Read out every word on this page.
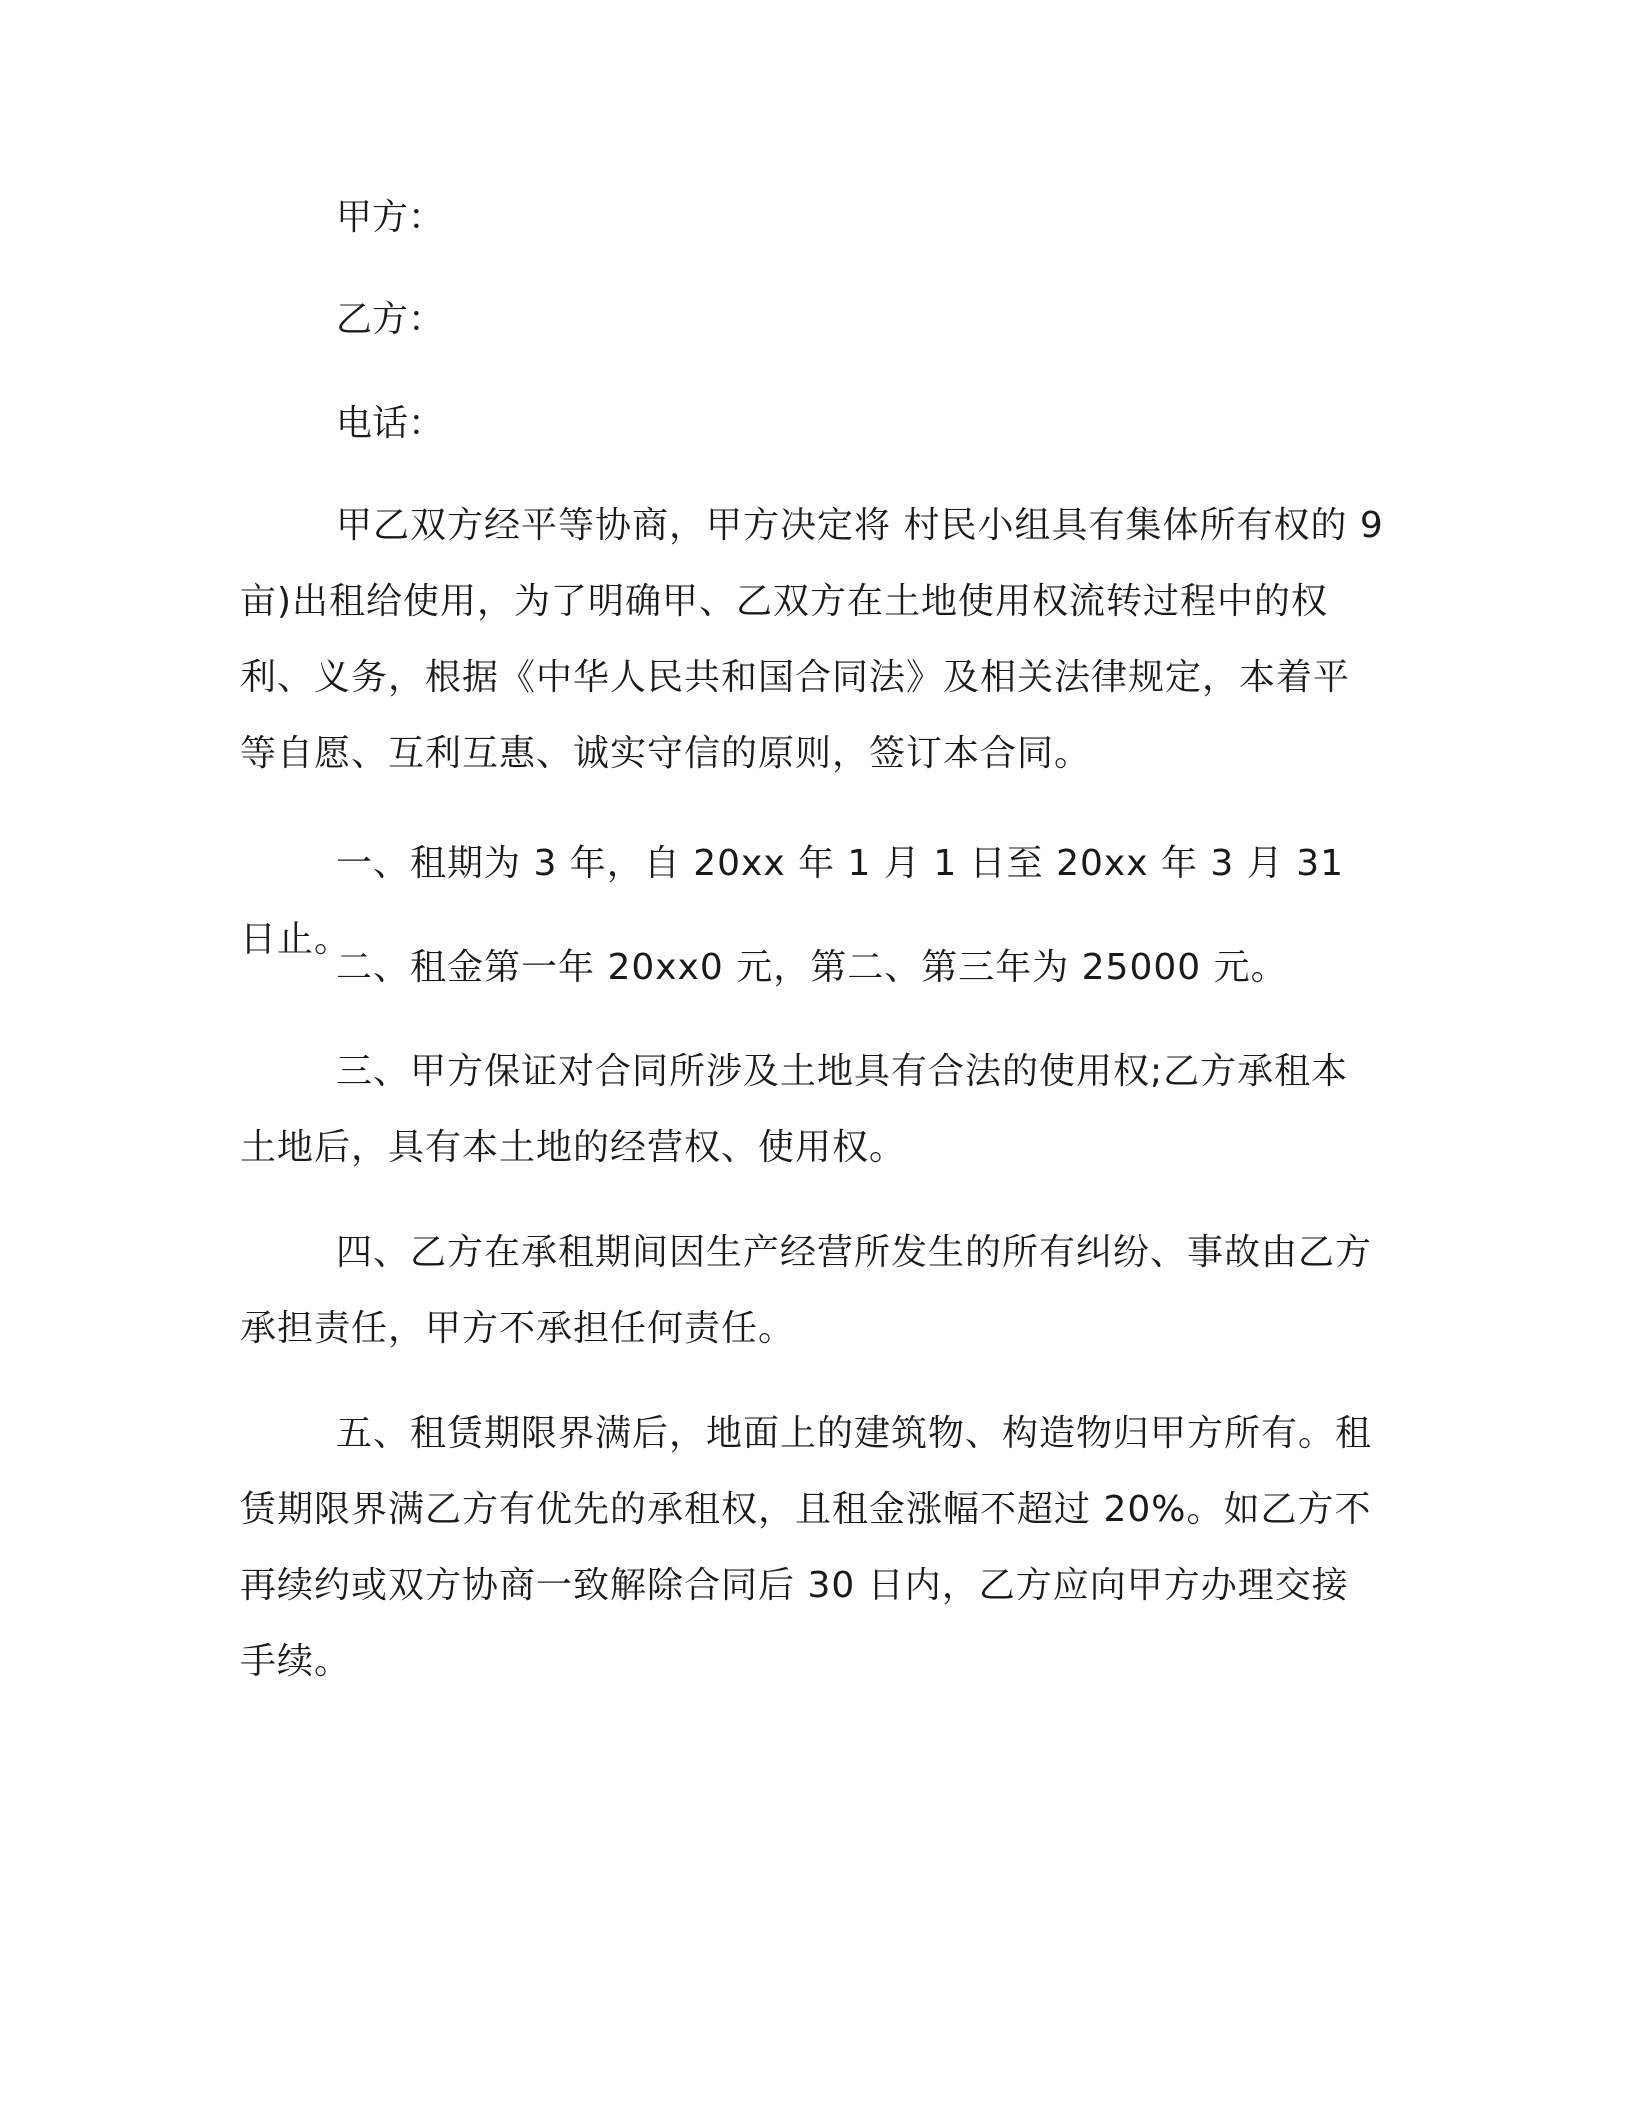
甲方：

乙方：

电话：

甲乙双方经平等协商，甲方决定将 村民小组具有集体所有权的 9 亩)出租给使用，为了明确甲、乙双方在土地使用权流转过程中的权利、义务，根据《中华人民共和国合同法》及相关法律规定，本着平等自愿、互利互惠、诚实守信的原则，签订本合同。

一、租期为 3 年，自 20xx 年 1 月 1 日至 20xx 年 3 月 31 日止。

二、租金第一年 20xx0 元，第二、第三年为 25000 元。

三、甲方保证对合同所涉及土地具有合法的使用权;乙方承租本土地后，具有本土地的经营权、使用权。

四、乙方在承租期间因生产经营所发生的所有纠纷、事故由乙方承担责任，甲方不承担任何责任。

五、租赁期限界满后，地面上的建筑物、构造物归甲方所有。租赁期限界满乙方有优先的承租权，且租金涨幅不超过 20%。如乙方不再续约或双方协商一致解除合同后 30 日内，乙方应向甲方办理交接手续。
